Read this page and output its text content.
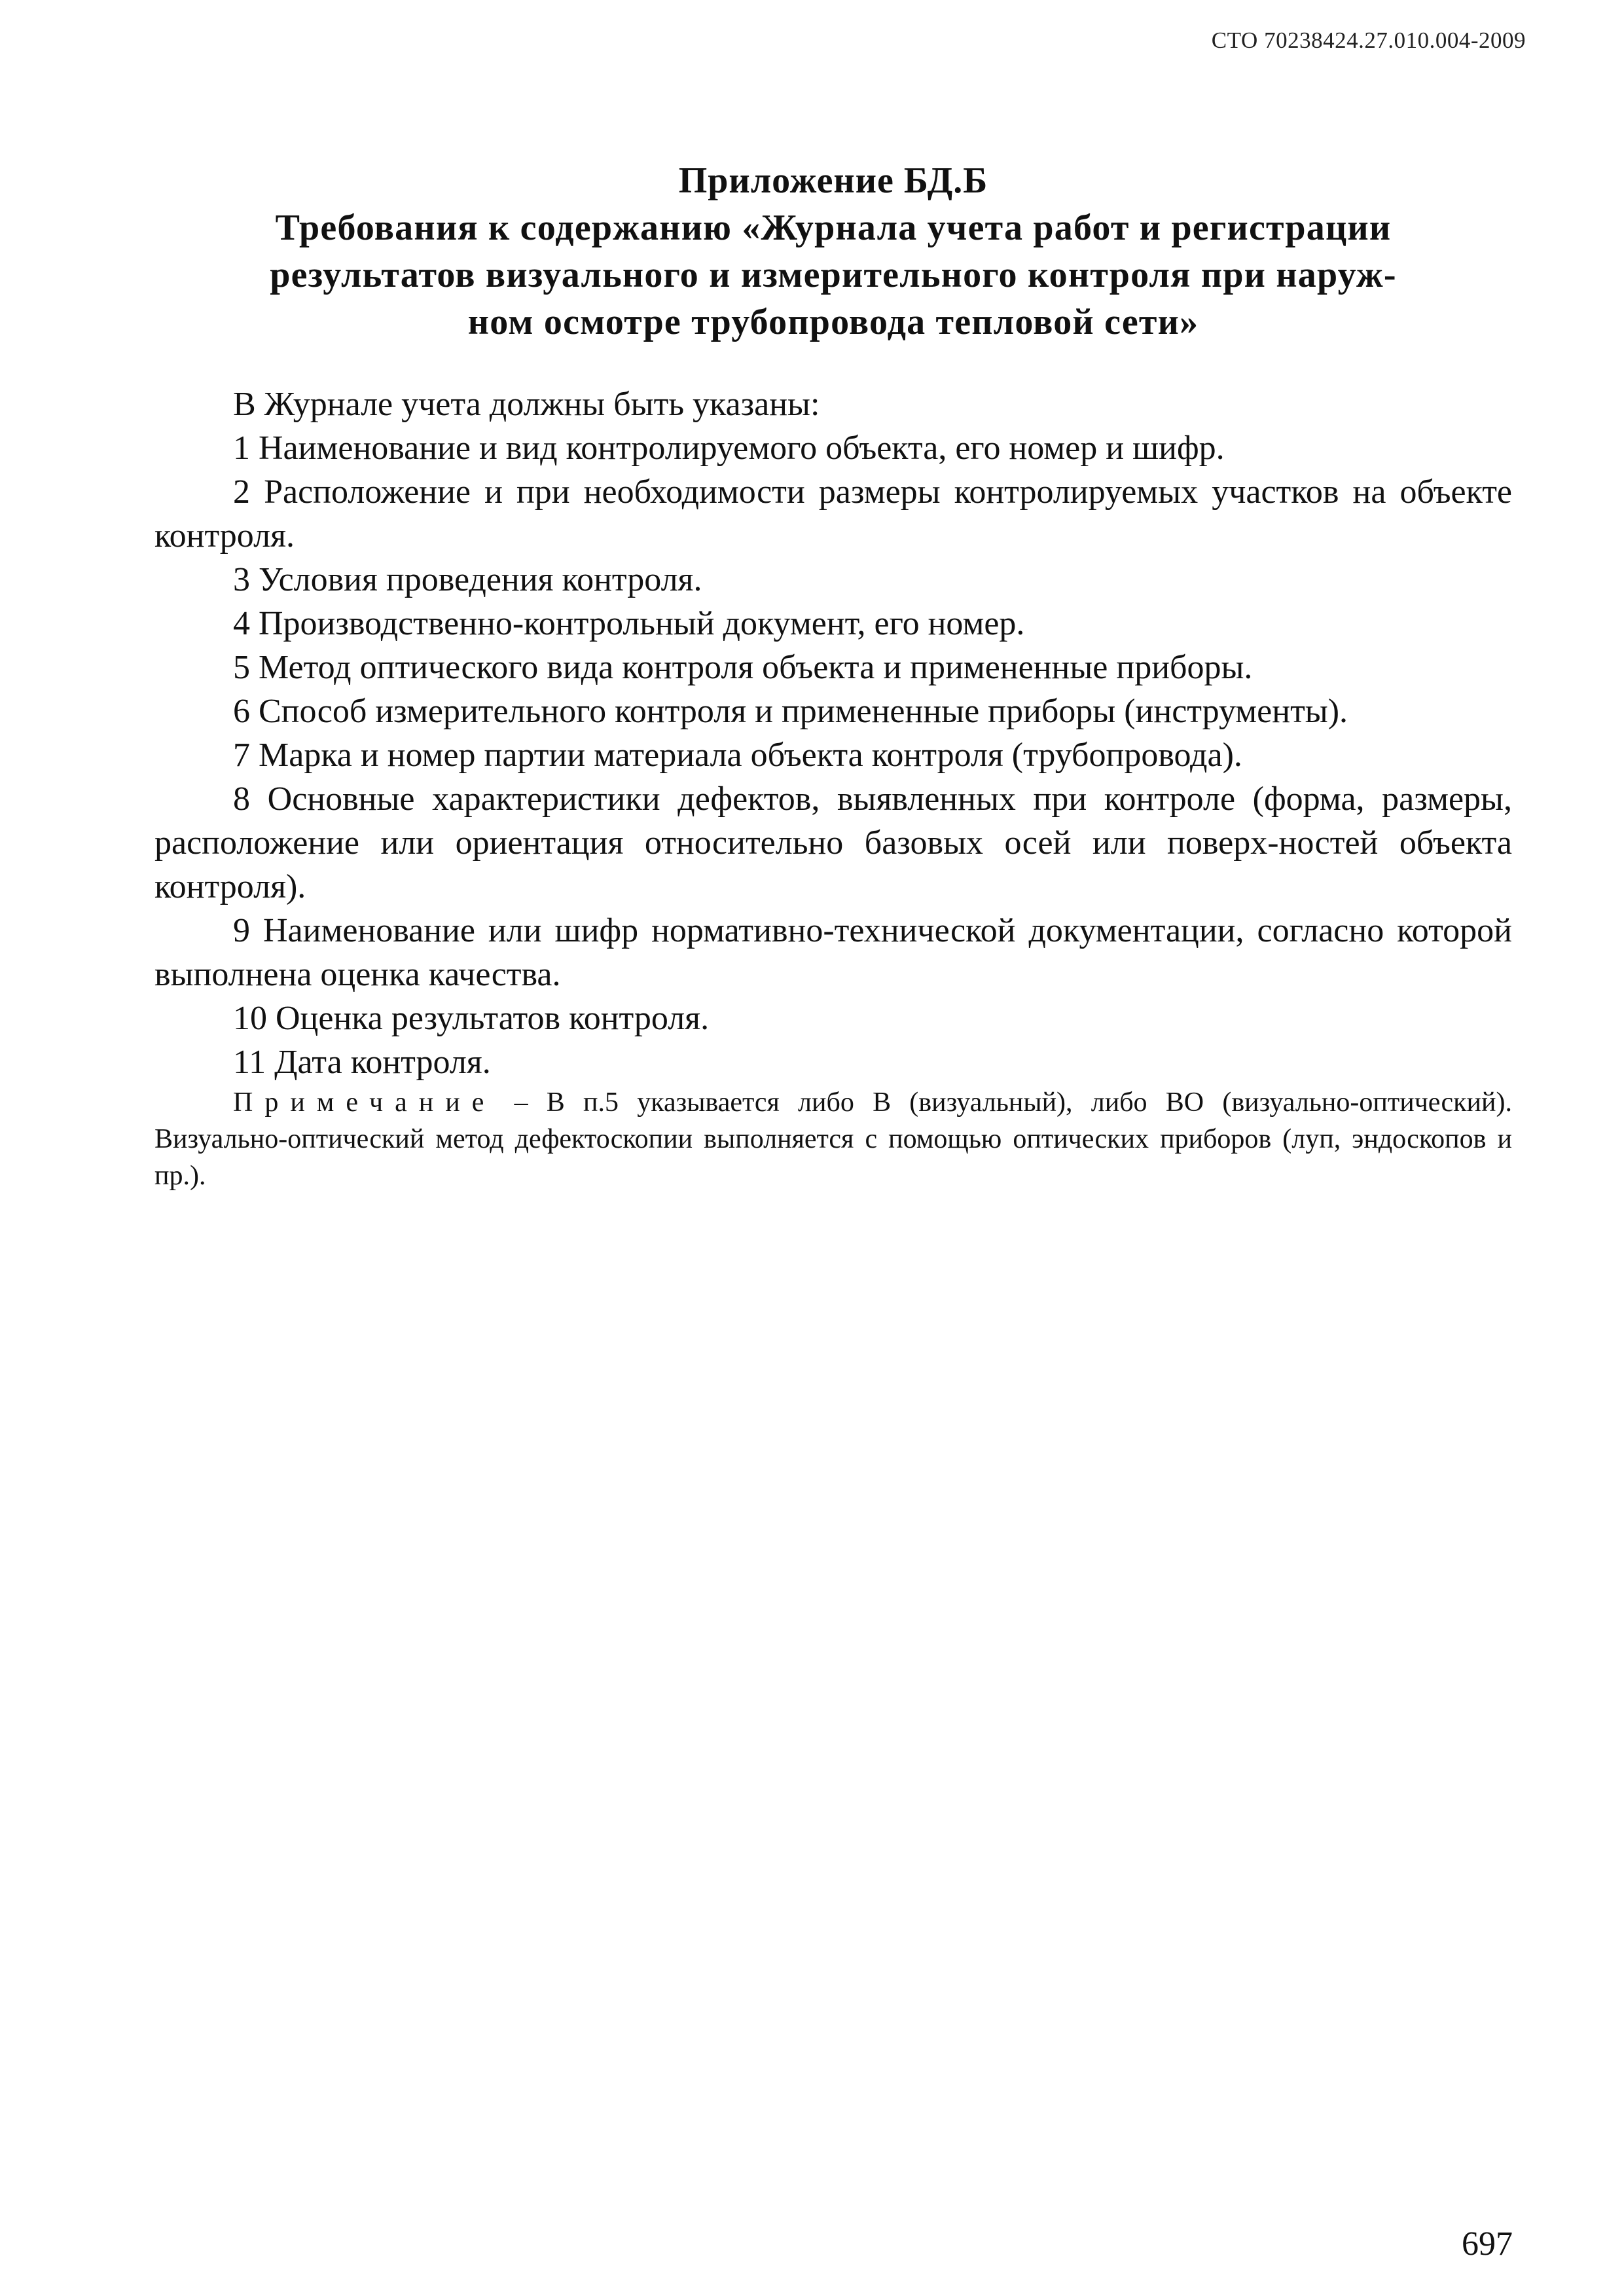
СТО 70238424.27.010.004-2009

Приложение БД.Б

Требования к содержанию «Журнала учета работ и регистрации
результатов визуального и измерительного контроля при наруж-
ном осмотре трубопровода тепловой сети»

В Журнале учета должны быть указаны:

1 Наименование и вид контролируемого объекта, его номер и шифр.

2 Расположение и при необходимости размеры контролируемых участков на объекте контроля.

3 Условия проведения контроля.

4 Производственно-контрольный документ, его номер.

5 Метод оптического вида контроля объекта и примененные приборы.

6 Способ измерительного контроля и примененные приборы (инструменты).

7 Марка и номер партии материала объекта контроля (трубопровода).

8 Основные характеристики дефектов, выявленных при контроле (форма, размеры, расположение или ориентация относительно базовых осей или поверх-ностей объекта контроля).

9 Наименование или шифр нормативно-технической документации, согласно которой выполнена оценка качества.

10 Оценка результатов контроля.

11 Дата контроля.

Примечание – В п.5 указывается либо В (визуальный), либо ВО (визуально-оптический). Визуально-оптический метод дефектоскопии выполняется с помощью оптических приборов (луп, эндоскопов и пр.).

697
